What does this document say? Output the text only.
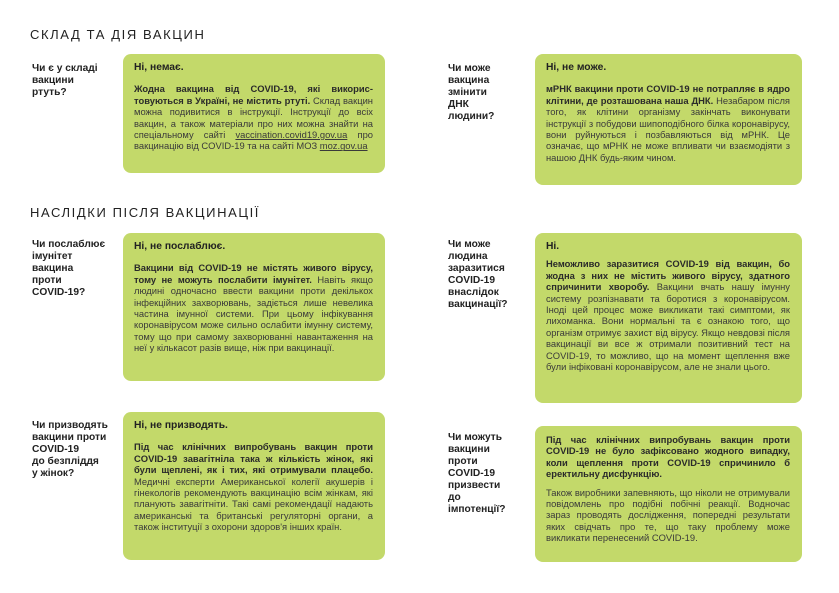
СКЛАД ТА ДІЯ ВАКЦИН
НАСЛІДКИ ПІСЛЯ ВАКЦИНАЦІЇ
Чи є у складі
вакцини
ртуть?

Ні, немає.

Жодна вакцина від COVID-19, які використовуються в Україні, не містить ртуті. Склад вакцин можна подивитися в інструкції. Інструкції до всіх вакцин, а також матеріали про них можна знайти на спеціальному сайті vaccination.covid19.gov.ua про вакцинацію від COVID-19 та на сайті МОЗ moz.gov.ua

Чи може
вакцина
змінити
ДНК
людини?

Ні, не може.

мРНК вакцини проти COVID-19 не потрапляє в ядро клітини, де розташована наша ДНК. Незабаром після того, як клітини організму закінчать виконувати інструкції з побудови шипоподібного білка коронавірусу, вони руйнуються і позбавляються від мРНК. Це означає, що мРНК не може впливати чи взаємодіяти з нашою ДНК будь-яким чином.

Чи послаблює
імунітет
вакцина
проти
COVID-19?

Ні, не послаблює.

Вакцини від COVID-19 не містять живого вірусу, тому не можуть послабити імунітет. Навіть якщо людині одночасно ввести вакцини проти декількох інфекційних захворювань, задіється лише невелика частина імунної системи. При цьому інфікування коронавірусом може сильно ослабити імунну систему, тому що при самому захворюванні навантаження на неї у кількасот разів вище, ніж при вакцинації.

Чи може
людина
заразитися
COVID-19
внаслідок
вакцинації?

Ні.

Неможливо заразитися COVID-19 від вакцин, бо жодна з них не містить живого вірусу, здатного спричинити хворобу. Вакцини вчать нашу імунну систему розпізнавати та боротися з коронавірусом. Іноді цей процес може викликати такі симптоми, як лихоманка. Вони нормальні та є ознакою того, що організм отримує захист від вірусу. Якщо невдовзі після вакцинації ви все ж отримали позитивний тест на COVID-19, то можливо, що на момент щеплення вже були інфіковані коронавірусом, але не знали цього.

Чи призводять
вакцини проти
COVID-19
до безпліддя
у жінок?

Ні, не призводять.

Під час клінічних випробувань вакцин проти COVID-19 завагітніла така ж кількість жінок, які були щеплені, як і тих, які отримували плацебо. Медичні експерти Американської колегії акушерів і гінекологів рекомендують вакцинацію всім жінкам, які планують завагітніти. Такі самі рекомендації надають американські та британські регуляторні органи, а також інституції з охорони здоров'я інших країн.

Чи можуть
вакцини
проти
COVID-19
призвести
до
імпотенції?

Під час клінічних випробувань вакцин проти COVID-19 не було зафіксовано жодного випадку, коли щеплення проти COVID-19 спричинило б еректильну дисфункцію.

Також виробники запевняють, що ніколи не отримували повідомлень про подібні побічні реакції. Водночас зараз проводять дослідження, попередні результати яких свідчать про те, що таку проблему може викликати перенесений COVID-19.
